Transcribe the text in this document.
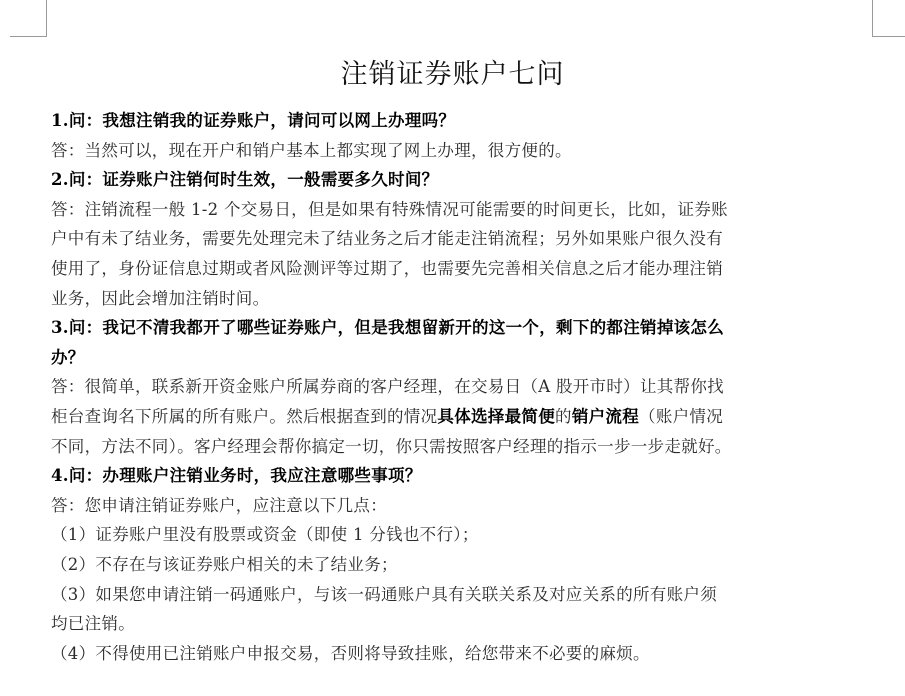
注销证券账户七问
1.问：我想注销我的证券账户，请问可以网上办理吗？
答：当然可以，现在开户和销户基本上都实现了网上办理，很方便的。
2.问：证券账户注销何时生效，一般需要多久时间？
答：注销流程一般 1-2 个交易日，但是如果有特殊情况可能需要的时间更长，比如，证券账
户中有未了结业务，需要先处理完未了结业务之后才能走注销流程；另外如果账户很久没有
使用了，身份证信息过期或者风险测评等过期了，也需要先完善相关信息之后才能办理注销
业务，因此会增加注销时间。
3.问：我记不清我都开了哪些证券账户，但是我想留新开的这一个，剩下的都注销掉该怎么
办？
答：很简单，联系新开资金账户所属券商的客户经理，在交易日（A 股开市时）让其帮你找
柜台查询名下所属的所有账户。然后根据查到的情况具体选择最简便的销户流程（账户情况
不同，方法不同）。客户经理会帮你搞定一切，你只需按照客户经理的指示一步一步走就好。
4.问：办理账户注销业务时，我应注意哪些事项？
答：您申请注销证券账户，应注意以下几点：
（1）证券账户里没有股票或资金（即使 1 分钱也不行）；
（2）不存在与该证券账户相关的未了结业务；
（3）如果您申请注销一码通账户，与该一码通账户具有关联关系及对应关系的所有账户须
均已注销。
（4）不得使用已注销账户申报交易，否则将导致挂账，给您带来不必要的麻烦。
